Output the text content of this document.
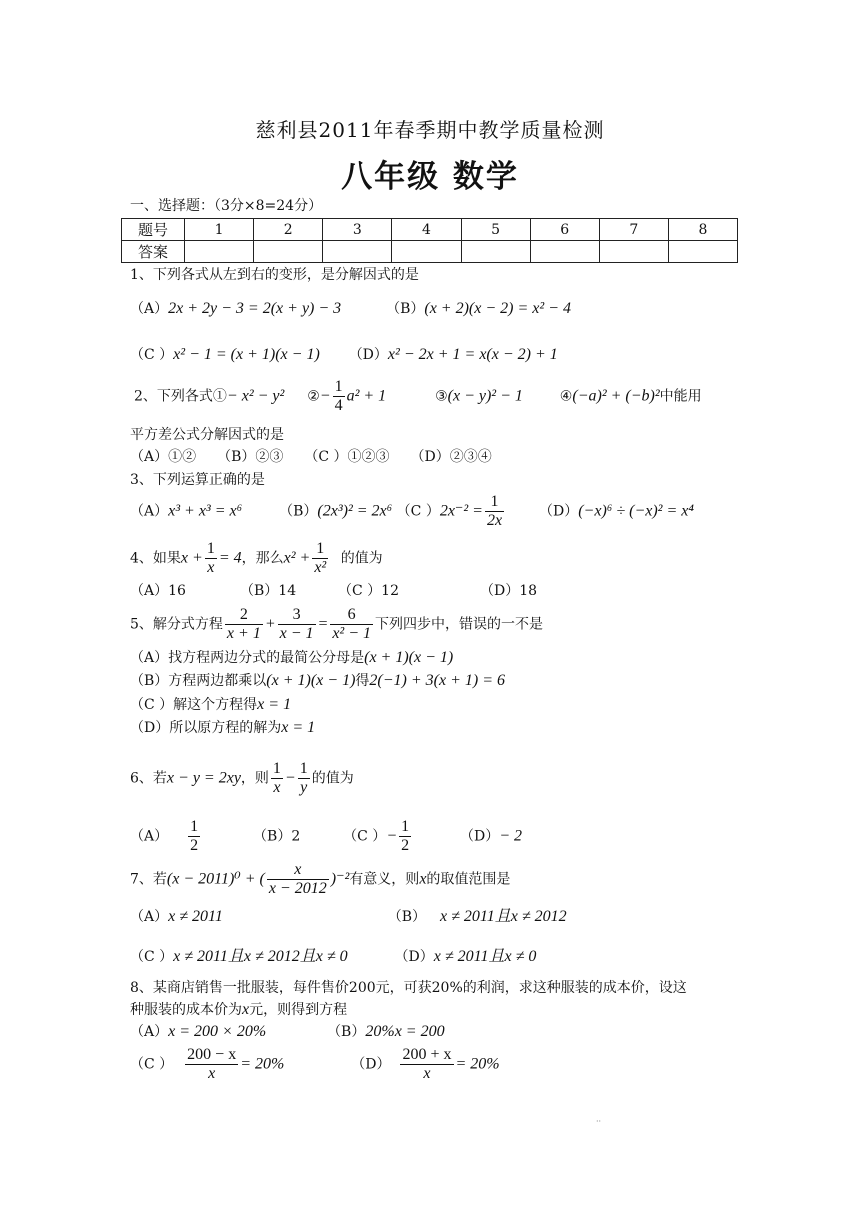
慈利县2011年春季期中教学质量检测
八年级 数学
一、选择题：（3分×8=24分）
题号	1	2	3	4	5	6	7	8
答案								
1、下列各式从左到右的变形，是分解因式的是
（A）2x + 2y − 3 = 2(x + y) − 3	（B）(x + 2)(x − 2) = x² − 4
（C ）x² − 1 = (x + 1)(x − 1) （D）x² − 2x + 1 = x(x − 2) + 1
2、下列各式①− x² − y² ②− $\frac{1}{4} a^2 + 1$	③(x − y)² − 1	④(−a)² + (−b)²中能用
平方差公式分解因式的是
（A）①②　　（B）②③　　（C ）①②③　　（D）②③④
3、下列运算正确的是
（A）x³ + x³ = x⁶	（B）(2x³)² = 2x⁶ （C ）$2x^{-2} = \frac{1}{2x} (D)(-x)^6 \div (-x)^2 = x^4$
4、如果$x + \frac{1}{x} = 4$，那么$x^2 + \frac{1}{\text{x²}}$ 的值为
（A）16	（B）14	（C ）12	（D）18
5、解分式方程 $\frac{2}{x + 1} + \frac{3}{x - 1} = \frac{6}{\text{x² − 1}}$ 下列四步中，错误的一不是
（A）找方程两边分式的最简公分母是(x + 1)(x − 1)
（B）方程两边都乘以(x + 1)(x − 1)得2(−1) + 3(x + 1) = 6
（C ）解这个方程得x = 1
（D）所以原方程的解为x = 1
6、若x − y = 2xy，则 $\frac{1}{x} - \frac{1}{y}$ 的值为
$(A) \frac{1}{2}$	（B）2	（C ）− $\frac{1}{2}$	（D）− 2
7、若(x − 2011)⁰ + ( $\frac{x}{x - 2012} )^{-2}$有意义，则x的取值范围是
（A）x ≠ 2011	（B） x ≠ 2011且x ≠ 2012
（C ）x ≠ 2011且x ≠ 2012且x ≠ 0	（D）x ≠ 2011且x ≠ 0
8、某商店销售一批服装，每件售价200元，可获20%的利润，求这种服装的成本价，设这
种服装的成本价为x元，则得到方程
（A）x = 200 × 20%	（B）20%x = 200
（C ） $\frac{200 - x}{x} = 20\%$	$(D) \frac{200 + x}{x} = 20\%$
··
